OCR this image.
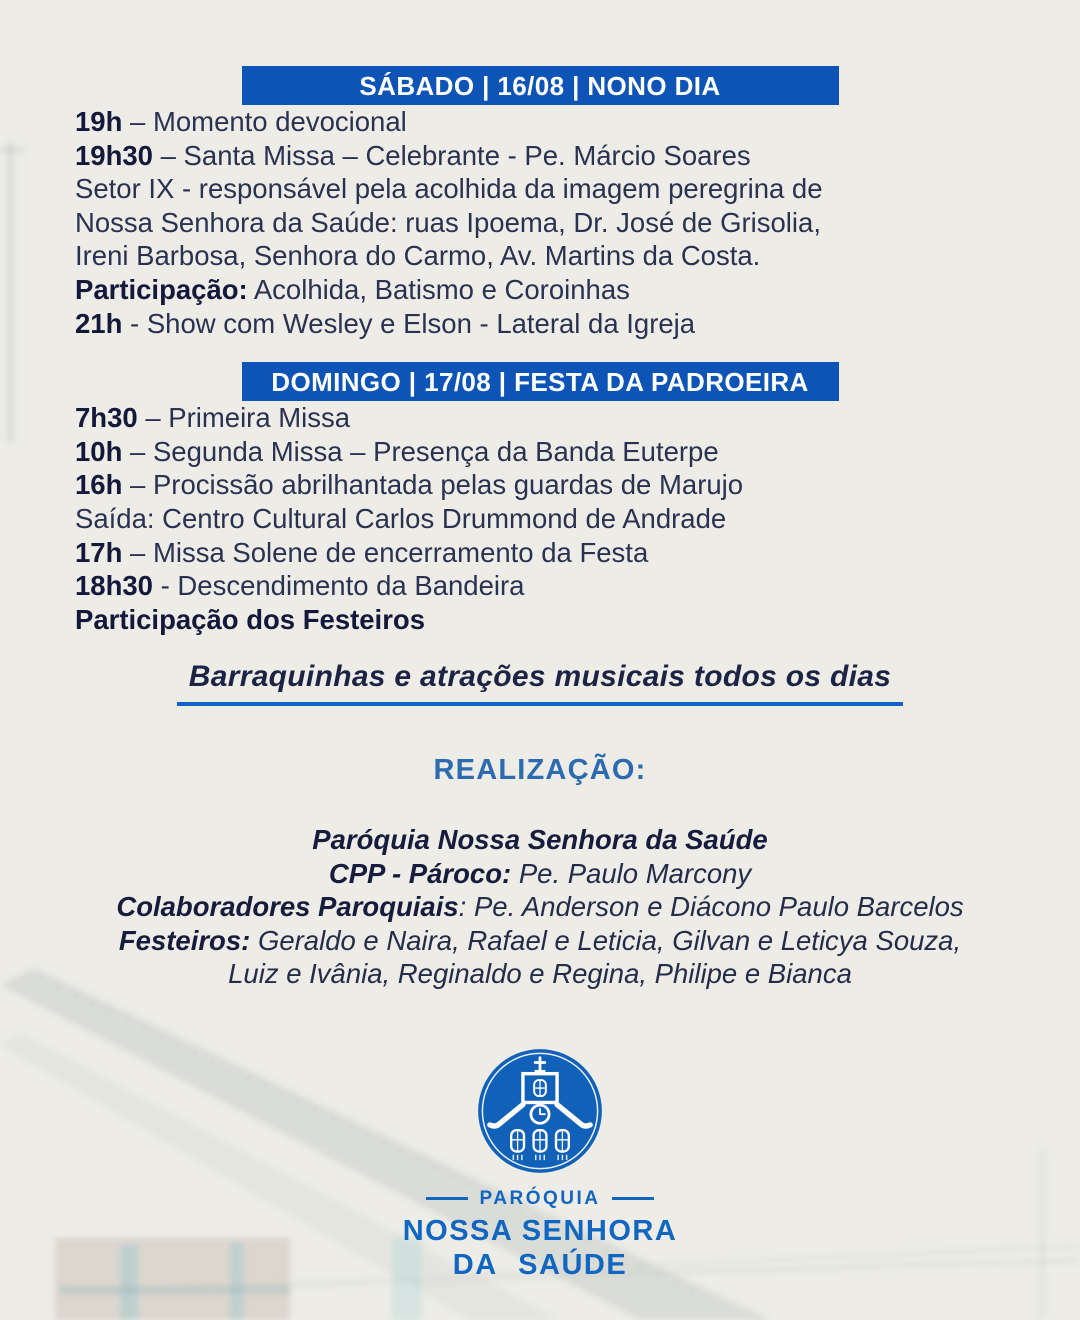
SÁBADO | 16/08 | NONO DIA

19h – Momento devocional

19h30 – Santa Missa – Celebrante - Pe. Márcio Soares

Setor IX - responsável pela acolhida da imagem peregrina de

Nossa Senhora da Saúde: ruas Ipoema, Dr. José de Grisolia,

Ireni Barbosa, Senhora do Carmo, Av. Martins da Costa.

Participação: Acolhida, Batismo e Coroinhas

21h - Show com Wesley e Elson - Lateral da Igreja

DOMINGO | 17/08 | FESTA DA PADROEIRA

7h30 – Primeira Missa

10h – Segunda Missa – Presença da Banda Euterpe

16h – Procissão abrilhantada pelas guardas de Marujo

Saída: Centro Cultural Carlos Drummond de Andrade

17h – Missa Solene de encerramento da Festa

18h30 - Descendimento da Bandeira

Participação dos Festeiros

Barraquinhas e atrações musicais todos os dias
REALIZAÇÃO:

Paróquia Nossa Senhora da Saúde

CPP - Pároco: Pe. Paulo Marcony

Colaboradores Paroquiais: Pe. Anderson e Diácono Paulo Barcelos

Festeiros: Geraldo e Naira, Rafael e Leticia, Gilvan e Leticya Souza,

Luiz e Ivânia, Reginaldo e Regina, Philipe e Bianca

PARÓQUIA
NOSSA SENHORA
DA SAÚDE
